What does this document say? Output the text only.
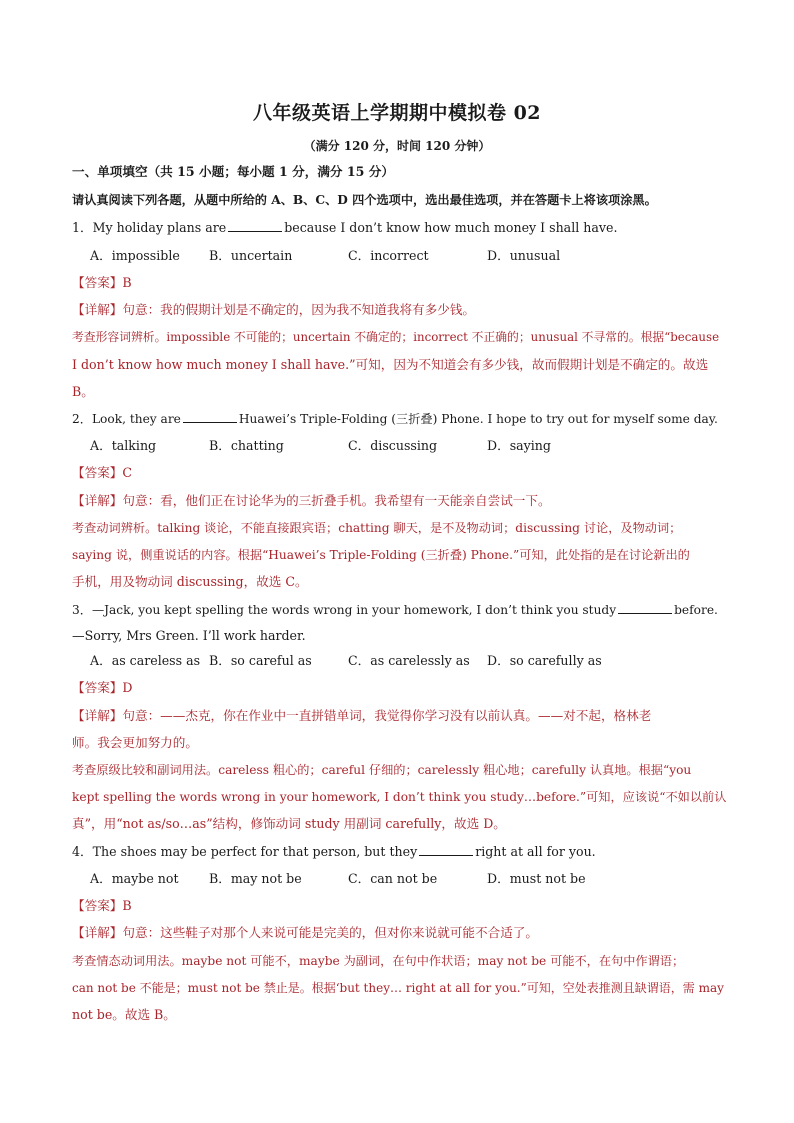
八年级英语上学期期中模拟卷 02
（满分 120 分，时间 120 分钟）
一、单项填空（共 15 小题；每小题 1 分，满分 15 分）
请认真阅读下列各题，从题中所给的 A、B、C、D 四个选项中，选出最佳选项，并在答题卡上将该项涂黑。
1．My holiday plans are	because I don’t know how much money I shall have.
A．impossible B．uncertain	C．incorrect	D．unusual
【答案】B
【详解】句意：我的假期计划是不确定的，因为我不知道我将有多少钱。
考查形容词辨析。impossible 不可能的；uncertain 不确定的；incorrect 不正确的；unusual 不寻常的。根据“because
I don’t know how much money I shall have.”可知，因为不知道会有多少钱，故而假期计划是不确定的。故选
B。
2．Look, they are	Huawei’s Triple-Folding (三折叠) Phone. I hope to try out for myself some day.
A．talking	B．chatting	C．discussing	D．saying
【答案】C
【详解】句意：看，他们正在讨论华为的三折叠手机。我希望有一天能亲自尝试一下。
考查动词辨析。talking 谈论，不能直接跟宾语；chatting 聊天，是不及物动词；discussing 讨论，及物动词；
saying 说，侧重说话的内容。根据“Huawei’s Triple-Folding (三折叠) Phone.”可知，此处指的是在讨论新出的
手机，用及物动词 discussing，故选 C。
3．—Jack, you kept spelling the words wrong in your homework, I don’t think you study	before.
—Sorry, Mrs Green. I’ll work harder.
A．as careless as B．so careful as	C．as carelessly as D．so carefully as
【答案】D
【详解】句意：——杰克，你在作业中一直拼错单词，我觉得你学习没有以前认真。——对不起，格林老
师。我会更加努力的。
考查原级比较和副词用法。careless 粗心的；careful 仔细的；carelessly 粗心地；carefully 认真地。根据“you
kept spelling the words wrong in your homework, I don’t think you study…before.”可知，应该说“不如以前认
真”，用“not as/so…as”结构，修饰动词 study 用副词 carefully，故选 D。
4．The shoes may be perfect for that person, but they	right at all for you.
A．maybe not B．may not be	C．can not be	D．must not be
【答案】B
【详解】句意：这些鞋子对那个人来说可能是完美的，但对你来说就可能不合适了。
考查情态动词用法。maybe not 可能不，maybe 为副词，在句中作状语；may not be 可能不，在句中作谓语；
can not be 不能是；must not be 禁止是。根据‘but they… right at all for you.”可知，空处表推测且缺谓语，需 may
not be。故选 B。
